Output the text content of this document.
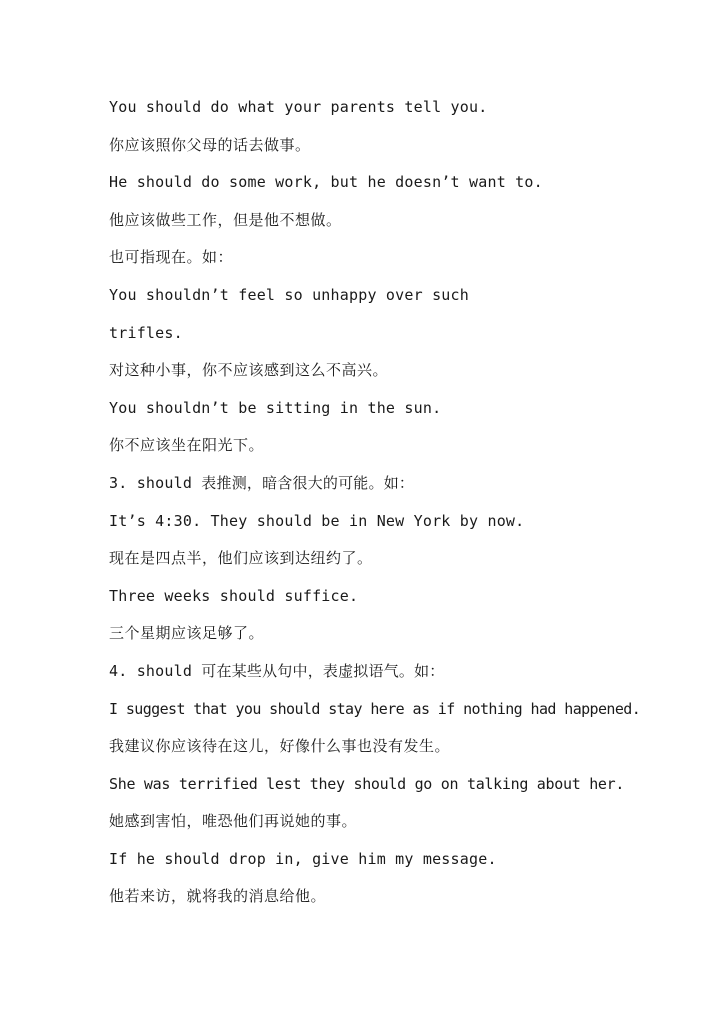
You should do what your parents tell you.
你应该照你父母的话去做事。
He should do some work, but he doesn’t want to.
他应该做些工作，但是他不想做。
也可指现在。如：
You shouldn’t feel so unhappy over such
trifles.
对这种小事，你不应该感到这么不高兴。
You shouldn’t be sitting in the sun.
你不应该坐在阳光下。
3. should 表推测，暗含很大的可能。如：
It’s 4:30. They should be in New York by now.
现在是四点半，他们应该到达纽约了。
Three weeks should suffice.
三个星期应该足够了。
4. should 可在某些从句中，表虚拟语气。如：
I suggest that you should stay here as if nothing had happened.
我建议你应该待在这儿，好像什么事也没有发生。
She was terrified lest they should go on talking about her.
她感到害怕，唯恐他们再说她的事。
If he should drop in, give him my message.
他若来访，就将我的消息给他。
